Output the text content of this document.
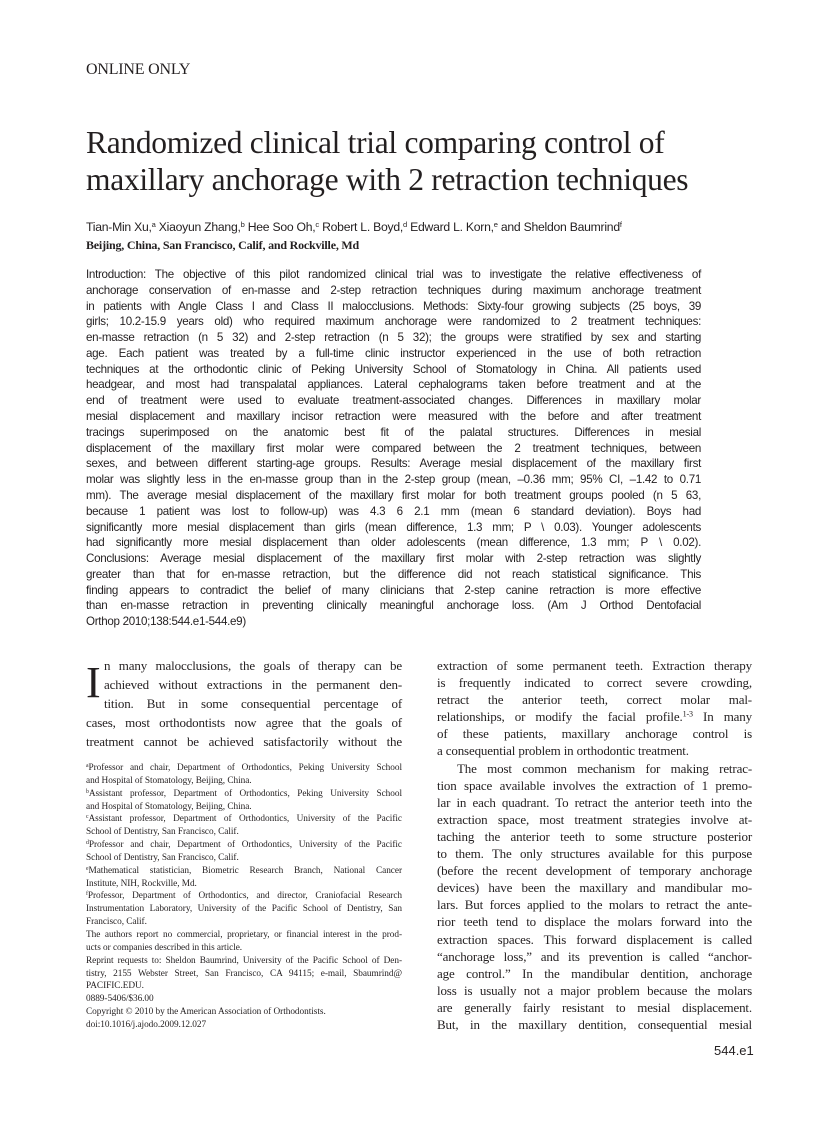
ONLINE ONLY
Randomized clinical trial comparing control of
maxillary anchorage with 2 retraction techniques
Tian-Min Xu,$^a$ Xiaoyun Zhang,$^b$ Hee Soo Oh,$^c$ Robert L. Boyd,$^d$ Edward L. Korn,$^e$ and Sheldon Baumrind$^f$
Beijing, China, San Francisco, Calif, and Rockville, Md
Introduction: The objective of this pilot randomized clinical trial was to investigate the relative effectiveness of
anchorage conservation of en-masse and 2-step retraction techniques during maximum anchorage treatment
in patients with Angle Class I and Class II malocclusions. Methods: Sixty-four growing subjects (25 boys, 39
girls; 10.2-15.9 years old) who required maximum anchorage were randomized to 2 treatment techniques:
en-masse retraction (n 5 32) and 2-step retraction (n 5 32); the groups were stratified by sex and starting
age. Each patient was treated by a full-time clinic instructor experienced in the use of both retraction
techniques at the orthodontic clinic of Peking University School of Stomatology in China. All patients used
headgear, and most had transpalatal appliances. Lateral cephalograms taken before treatment and at the
end of treatment were used to evaluate treatment-associated changes. Differences in maxillary molar
mesial displacement and maxillary incisor retraction were measured with the before and after treatment
tracings superimposed on the anatomic best fit of the palatal structures. Differences in mesial
displacement of the maxillary first molar were compared between the 2 treatment techniques, between
sexes, and between different starting-age groups. Results: Average mesial displacement of the maxillary first
molar was slightly less in the en-masse group than in the 2-step group (mean, –0.36 mm; 95% CI, –1.42 to 0.71
mm). The average mesial displacement of the maxillary first molar for both treatment groups pooled (n 5 63,
because 1 patient was lost to follow-up) was 4.3 6 2.1 mm (mean 6 standard deviation). Boys had
significantly more mesial displacement than girls (mean difference, 1.3 mm; P \ 0.03). Younger adolescents
had significantly more mesial displacement than older adolescents (mean difference, 1.3 mm; P \ 0.02).
Conclusions: Average mesial displacement of the maxillary first molar with 2-step retraction was slightly
greater than that for en-masse retraction, but the difference did not reach statistical significance. This
finding appears to contradict the belief of many clinicians that 2-step canine retraction is more effective
than en-masse retraction in preventing clinically meaningful anchorage loss. (Am J Orthod Dentofacial
Orthop 2010;138:544.e1-544.e9)
I n many malocclusions, the goals of therapy can be
achieved without extractions in the permanent den-
tition. But in some consequential percentage of
cases, most orthodontists now agree that the goals of
treatment cannot be achieved satisfactorily without the
extraction of some permanent teeth. Extraction therapy
is frequently indicated to correct severe crowding,
retract the anterior teeth, correct molar mal-
relationships, or modify the facial profile.$^{1-3}$ In many
of these patients, maxillary anchorage control is
a consequential problem in orthodontic treatment.
The most common mechanism for making retrac-
tion space available involves the extraction of 1 premo-
lar in each quadrant. To retract the anterior teeth into the
extraction space, most treatment strategies involve at-
taching the anterior teeth to some structure posterior
to them. The only structures available for this purpose
(before the recent development of temporary anchorage
devices) have been the maxillary and mandibular mo-
lars. But forces applied to the molars to retract the ante-
rior teeth tend to displace the molars forward into the
extraction spaces. This forward displacement is called
“anchorage loss,” and its prevention is called “anchor-
age control.” In the mandibular dentition, anchorage
loss is usually not a major problem because the molars
are generally fairly resistant to mesial displacement.
But, in the maxillary dentition, consequential mesial
$^a$Professor and chair, Department of Orthodontics, Peking University School
and Hospital of Stomatology, Beijing, China.
$^b$Assistant professor, Department of Orthodontics, Peking University School
and Hospital of Stomatology, Beijing, China.
$^c$Assistant professor, Department of Orthodontics, University of the Pacific
School of Dentistry, San Francisco, Calif.
$^d$Professor and chair, Department of Orthodontics, University of the Pacific
School of Dentistry, San Francisco, Calif.
$^e$Mathematical statistician, Biometric Research Branch, National Cancer
Institute, NIH, Rockville, Md.
$^f$Professor, Department of Orthodontics, and director, Craniofacial Research
Instrumentation Laboratory, University of the Pacific School of Dentistry, San
Francisco, Calif.
The authors report no commercial, proprietary, or financial interest in the prod-
ucts or companies described in this article.
Reprint requests to: Sheldon Baumrind, University of the Pacific School of Den-
tistry, 2155 Webster Street, San Francisco, CA 94115; e-mail, Sbaumrind@
PACIFIC.EDU.
0889-5406/$36.00
Copyright © 2010 by the American Association of Orthodontists.
doi:10.1016/j.ajodo.2009.12.027
544.e1
